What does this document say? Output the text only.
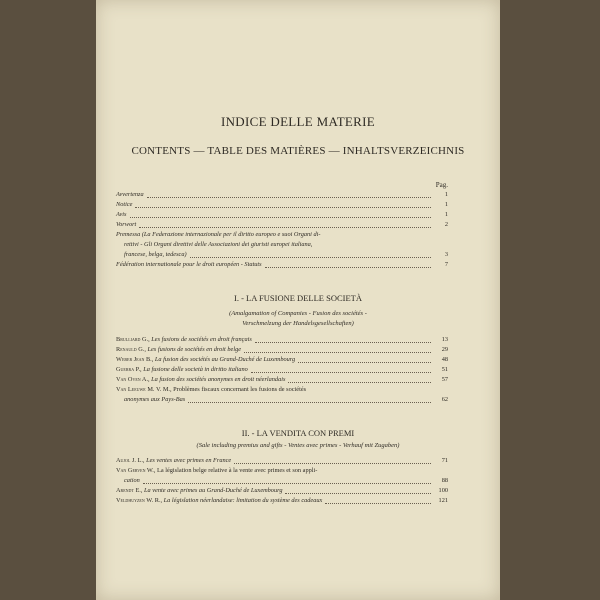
INDICE DELLE MATERIE
CONTENTS — TABLE DES MATIÈRES — INHALTSVERZEICHNIS
Pag.
Avvertenza	1
Notice	1
Avis	1
Vorwort	2
Premessa (La Federazione internazionale per il diritto europeo e suoi Organi di-
rettivi - Gli Organi direttivi delle Associazioni dei giuristi europei italiana,
francese, belga, tedesca)	3
Fédération internationale pour le droit européen - Statuts	7
I. - LA FUSIONE DELLE SOCIETÀ
(Amalgamation of Companies - Fusion des sociétés -
Verschmelzung der Handelsgesellschaften)
Brulliard G., Les fusions de sociétés en droit français	13
Renauld G., Les fusions de sociétés en droit belge	29
Weber Jean B., La fusion des sociétés au Grand-Duché de Luxembourg	48
Guerra P., La fusione delle società in diritto italiano	51
Van Oven A., La fusion des sociétés anonymes en droit néerlandais	57
Van Leeuwe M. V. M., Problèmes fiscaux concernant les fusions de sociétés
anonymes aux Pays-Bas	62
II. - LA VENDITA CON PREMI
(Sale including premius and gifts - Ventes avec primes - Verhauf mit Zugaben)
Aujol J. L., Les ventes avec primes en France	71
Van Gerven W., La législation belge relative à la vente avec primes et son appli-
cation	88
Arendt E., La vente avec primes au Grand-Duché de Luxembourg	100
Veldhuyzen W. R., La législation néerlandaise: limitation du système des cadeaux	121
